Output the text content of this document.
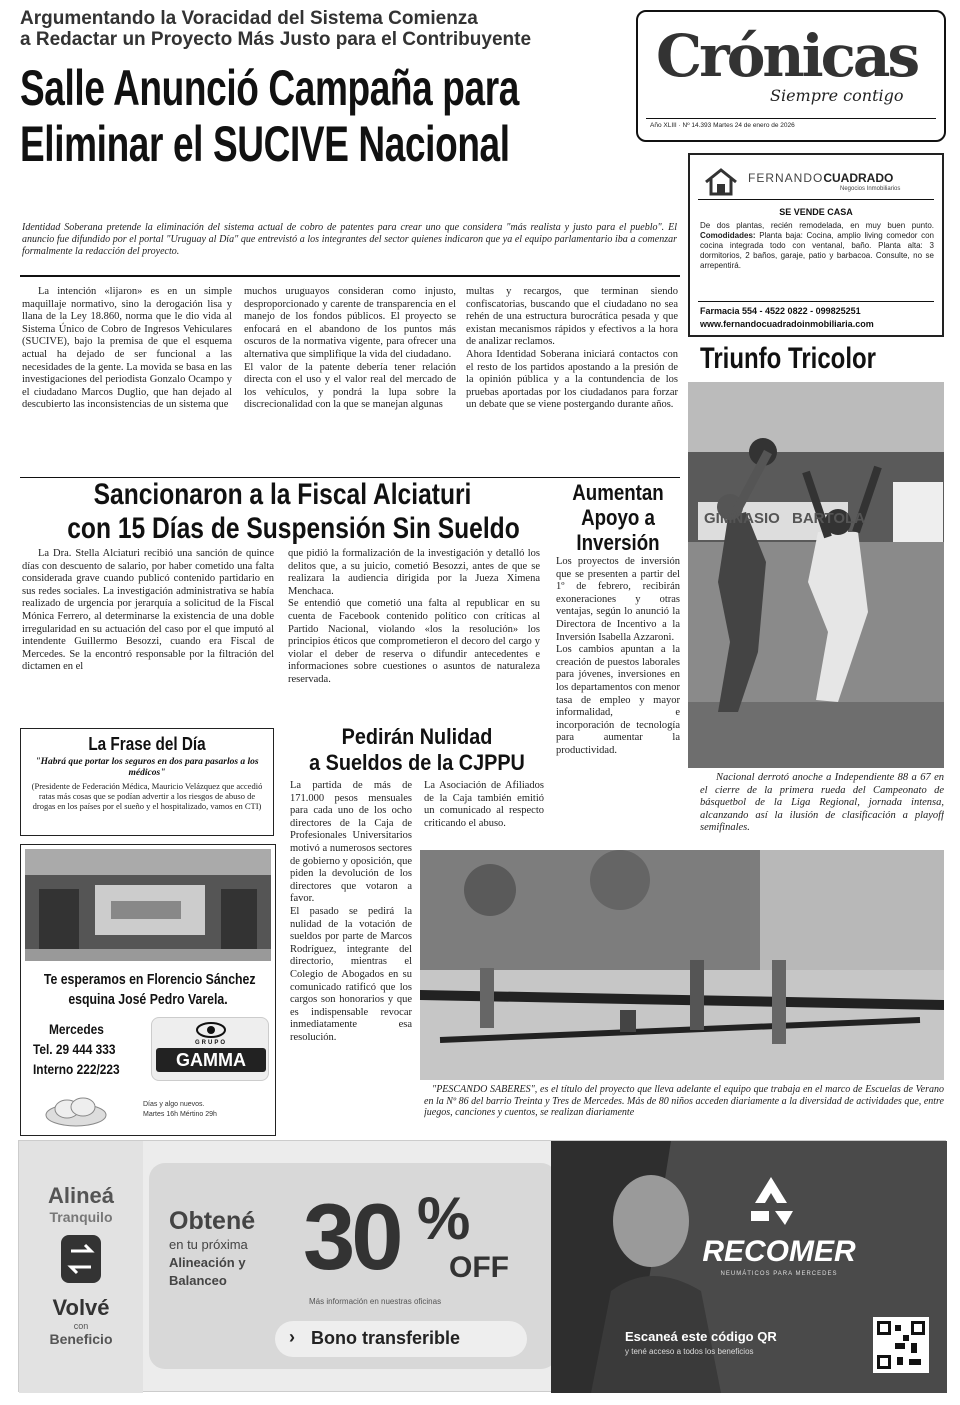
Argumentando la Voracidad del Sistema Comienza
a Redactar un Proyecto Más Justo para el Contribuyente
Salle Anunció Campaña para
Eliminar el SUCIVE Nacional
Crónicas
Siempre contigo
Año XLIII · Nº 14.393 Martes 24 de enero de 2026
Identidad Soberana pretende la eliminación del sistema actual de cobro de patentes para crear uno que considera "más realista y justo para el pueblo". El anuncio fue difundido por el portal "Uruguay al Día" que entrevistó a los integrantes del sector quienes indicaron que ya el equipo parlamentario iba a comenzar formalmente la redacción del proyecto.
La intención «lijaron» es en un simple maquillaje normativo, sino la derogación lisa y llana de la Ley 18.860, norma que le dio vida al Sistema Único de Cobro de Ingresos Vehiculares (SUCIVE), bajo la premisa de que el esquema actual ha dejado de ser funcional a las necesidades de la gente. La movida se basa en las investigaciones del periodista Gonzalo Ocampo y el ciudadano Marcos Duglio, que han dejado al descubierto las inconsistencias de un sistema que
muchos uruguayos consideran como injusto, desproporcionado y carente de transparencia en el manejo de los fondos públicos. El proyecto se enfocará en el abandono de los puntos más oscuros de la normativa vigente, para ofrecer una alternativa que simplifique la vida del ciudadano.
El valor de la patente debería tener relación directa con el uso y el valor real del mercado de los vehículos, y pondrá la lupa sobre la discrecionalidad con la que se manejan algunas
multas y recargos, que terminan siendo confiscatorias, buscando que el ciudadano no sea rehén de una estructura burocrática pesada y que existan mecanismos rápidos y efectivos a la hora de analizar reclamos.
Ahora Identidad Soberana iniciará contactos con el resto de los partidos apostando a la presión de la opinión pública y a la contundencia de los pruebas aportadas por los ciudadanos para forzar un debate que se viene postergando durante años.
FERNANDOCUADRADO
Negocios Inmobiliarios
SE VENDE CASA
De dos plantas, recién remodelada, en muy buen punto. Comodidades: Planta baja: Cocina, amplio living comedor con cocina integrada todo con ventanal, baño. Planta alta: 3 dormitorios, 2 baños, garaje, patio y barbacoa. Consulte, no se arrepentirá.
Farmacia 554 - 4522 0822 - 099825251
www.fernandocuadradoinmobiliaria.com
Triunfo Tricolor
GIMNASIO BARTOLA
Nacional derrotó anoche a Independiente 88 a 67 en el cierre de la primera rueda del Campeonato de básquetbol de la Liga Regional, jornada intensa, alcanzando así la ilusión de clasificación a playoff semifinales.
Sancionaron a la Fiscal Alciaturi
con 15 Días de Suspensión Sin Sueldo
La Dra. Stella Alciaturi recibió una sanción de quince días con descuento de salario, por haber cometido una falta considerada grave cuando publicó contenido partidario en sus redes sociales. La investigación administrativa se había realizado de urgencia por jerarquía a solicitud de la Fiscal Mónica Ferrero, al determinarse la existencia de una doble irregularidad en su actuación del caso por el que imputó al intendente Guillermo Besozzi, cuando era Fiscal de Mercedes. Se la encontró responsable por la filtración del dictamen en el
que pidió la formalización de la investigación y detalló los delitos que, a su juicio, cometió Besozzi, antes de que se realizara la audiencia dirigida por la Jueza Ximena Menchaca.
Se entendió que cometió una falta al republicar en su cuenta de Facebook contenido político con críticas al Partido Nacional, violando «los la resolución» los principios éticos que comprometieron el decoro del cargo y violar el deber de reserva o difundir antecedentes e informaciones sobre cuestiones o asuntos de naturaleza reservada.
Aumentan
Apoyo a
Inversión
Los proyectos de inversión que se presenten a partir del 1º de febrero, recibirán exoneraciones y otras ventajas, según lo anunció la Directora de Incentivo a la Inversión Isabella Azzaroni.
Los cambios apuntan a la creación de puestos laborales para jóvenes, inversiones en los departamentos con menor tasa de empleo y mayor informalidad, e incorporación de tecnología para aumentar la productividad.
La Frase del Día
"Habrá que portar los seguros en dos para pasarlos a los médicos"
(Presidente de Federación Médica, Mauricio Velázquez que accedió ratas más cosas que se podían advertir a los riesgos de abuso de drogas en los países por el sueño y el hospitalizado, vamos en CTI)
Pedirán Nulidad
a Sueldos de la CJPPU
La partida de más de 171.000 pesos mensuales para cada uno de los ocho directores de la Caja de Profesionales Universitarios motivó a numerosos sectores de gobierno y oposición, que piden la devolución de los directores que votaron a favor.
El pasado se pedirá la nulidad de la votación de sueldos por parte de Marcos Rodríguez, integrante del directorio, mientras el Colegio de Abogados en su comunicado ratificó que los cargos son honorarios y que es indispensable revocar inmediatamente esa resolución.
La Asociación de Afiliados de la Caja también emitió un comunicado al respecto criticando el abuso.
Te esperamos en Florencio Sánchez
esquina José Pedro Varela.
Mercedes
Tel. 29 444 333
Interno 222/223
GRUPO
GAMMA
Días y algo nuevos.
Martes 16h Mértino 29h
"PESCANDO SABERES", es el título del proyecto que lleva adelante el equipo que trabaja en el marco de Escuelas de Verano en la Nº 86 del barrio Treinta y Tres de Mercedes. Más de 80 niños acceden diariamente a la diversidad de actividades que, entre juegos, canciones y cuentos, se realizan diariamente
Alineá
Tranquilo
Volvé
con
Beneficio
Obtené
en tu próxima
Alineación y
Balanceo 30 %
OFF
Más información en nuestras oficinas
› Bono transferible
RECOMER
NEUMÁTICOS PARA MERCEDES
Escaneá este código QR
y tené acceso a todos los beneficios
